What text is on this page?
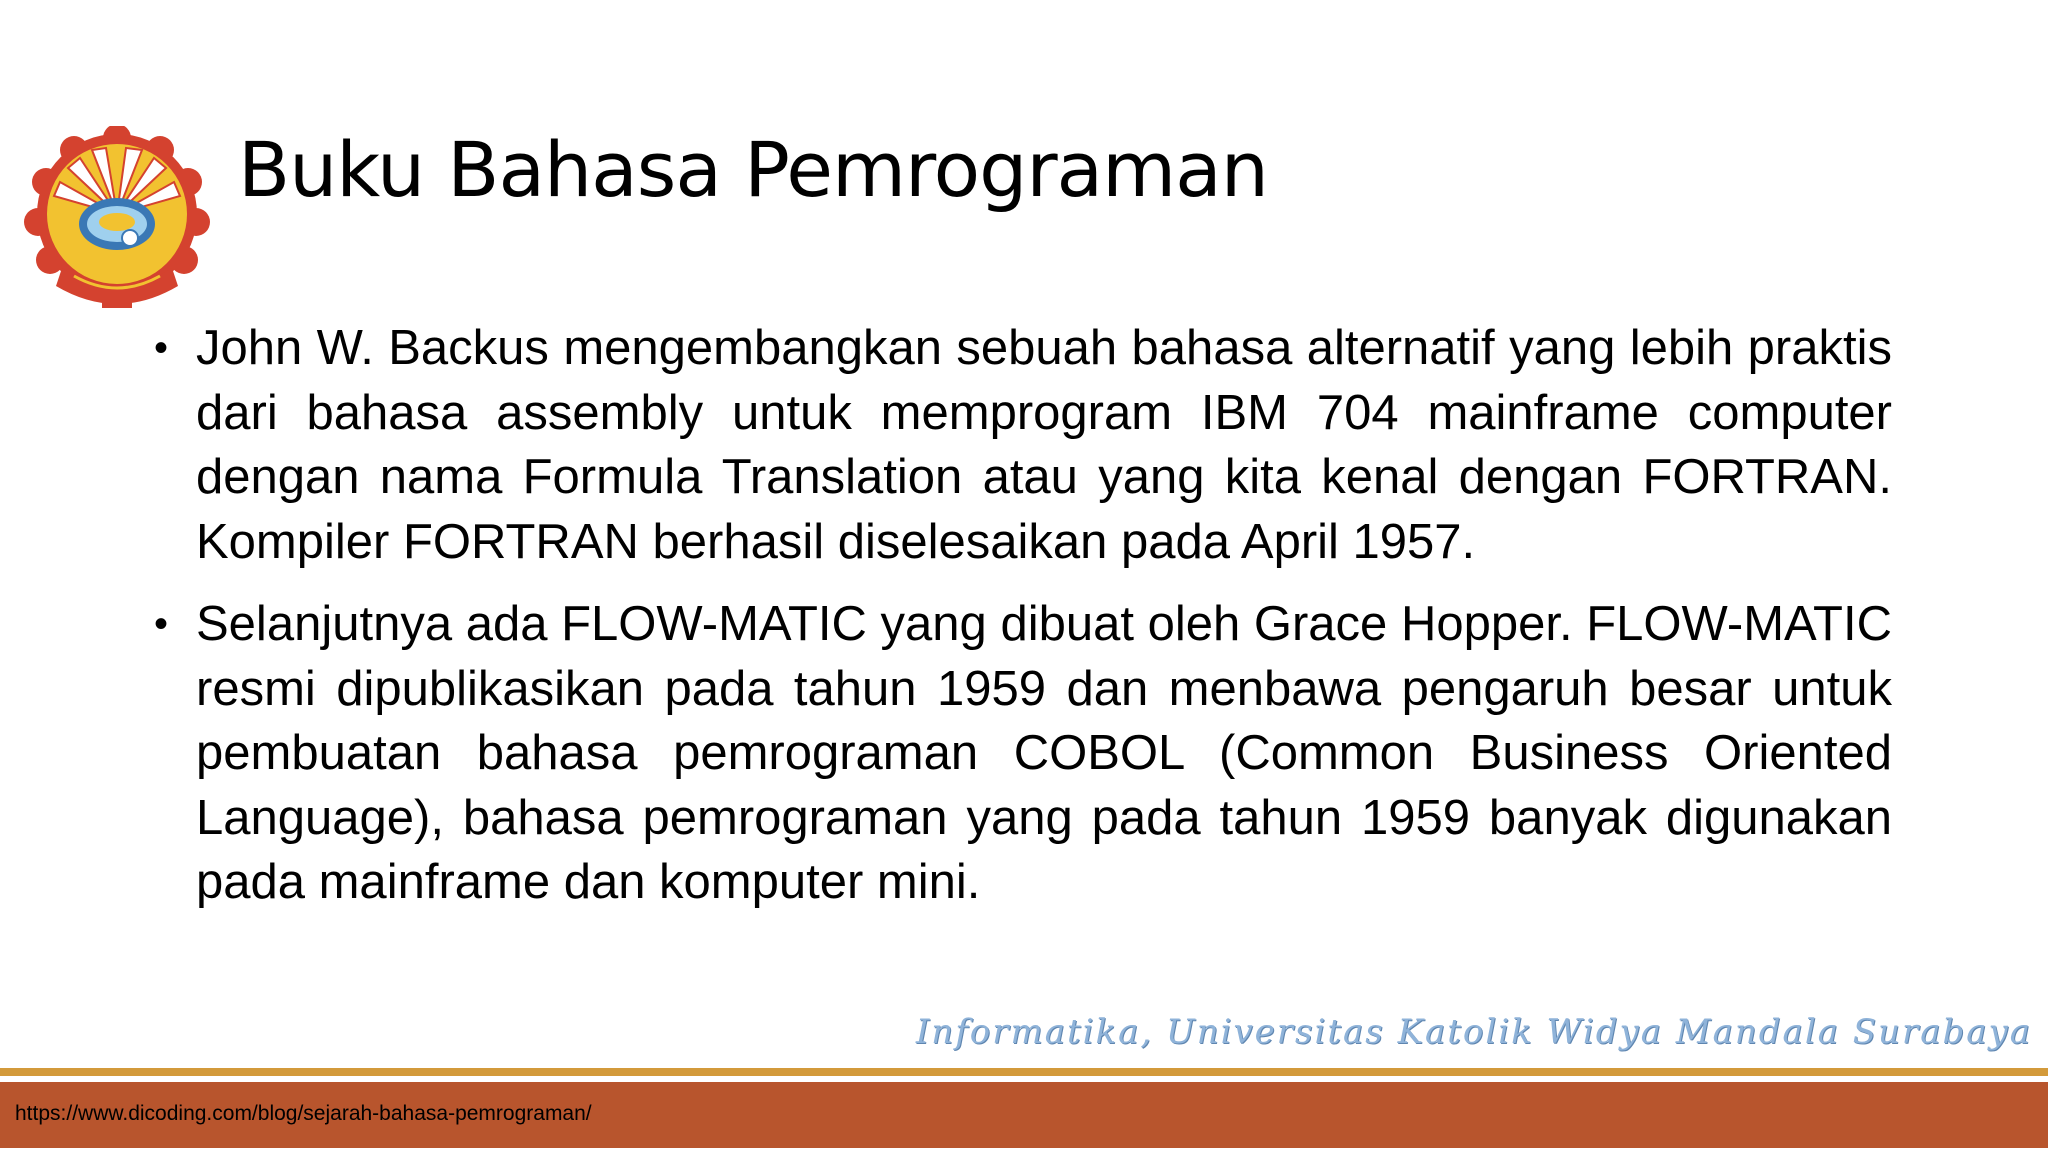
Buku Bahasa Pemrograman
• John W. Backus mengembangkan sebuah bahasa alternatif yang lebih praktis dari bahasa assembly untuk memprogram IBM 704 mainframe computer dengan nama Formula Translation atau yang kita kenal dengan FORTRAN. Kompiler FORTRAN berhasil diselesaikan pada April 1957.
• Selanjutnya ada FLOW-MATIC yang dibuat oleh Grace Hopper. FLOW-MATIC resmi dipublikasikan pada tahun 1959 dan menbawa pengaruh besar untuk pembuatan bahasa pemrograman COBOL (Common Business Oriented Language), bahasa pemrograman yang pada tahun 1959 banyak digunakan pada mainframe dan komputer mini.
Informatika, Universitas Katolik Widya Mandala Surabaya
https://www.dicoding.com/blog/sejarah-bahasa-pemrograman/
